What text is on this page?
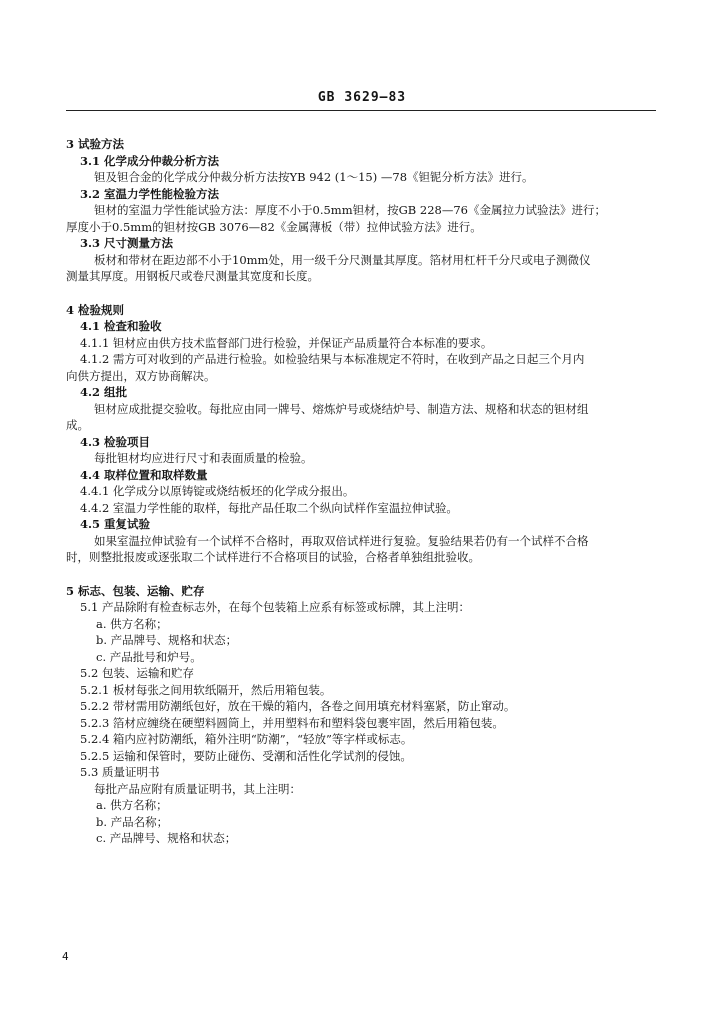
GB 3629—83
3 试验方法
3.1 化学成分仲裁分析方法
钽及钽合金的化学成分仲裁分析方法按YB 942 (1～15) —78《钽铌分析方法》进行。
3.2 室温力学性能检验方法
钽材的室温力学性能试验方法：厚度不小于0.5mm钽材，按GB 228—76《金属拉力试验法》进行；
厚度小于0.5mm的钽材按GB 3076—82《金属薄板（带）拉伸试验方法》进行。
3.3 尺寸测量方法
板材和带材在距边部不小于10mm处，用一级千分尺测量其厚度。箔材用杠杆千分尺或电子测微仪
测量其厚度。用钢板尺或卷尺测量其宽度和长度。
4 检验规则
4.1 检查和验收
4.1.1 钽材应由供方技术监督部门进行检验，并保证产品质量符合本标准的要求。
4.1.2 需方可对收到的产品进行检验。如检验结果与本标准规定不符时，在收到产品之日起三个月内
向供方提出，双方协商解决。
4.2 组批
钽材应成批提交验收。每批应由同一牌号、熔炼炉号或烧结炉号、制造方法、规格和状态的钽材组
成。
4.3 检验项目
每批钽材均应进行尺寸和表面质量的检验。
4.4 取样位置和取样数量
4.4.1 化学成分以原铸锭或烧结板坯的化学成分报出。
4.4.2 室温力学性能的取样，每批产品任取二个纵向试样作室温拉伸试验。
4.5 重复试验
如果室温拉伸试验有一个试样不合格时，再取双倍试样进行复验。复验结果若仍有一个试样不合格
时，则整批报废或逐张取二个试样进行不合格项目的试验，合格者单独组批验收。
5 标志、包装、运输、贮存
5.1 产品除附有检查标志外，在每个包装箱上应系有标签或标牌，其上注明：
a. 供方名称；
b. 产品牌号、规格和状态；
c. 产品批号和炉号。
5.2 包装、运输和贮存
5.2.1 板材每张之间用软纸隔开，然后用箱包装。
5.2.2 带材需用防潮纸包好，放在干燥的箱内，各卷之间用填充材料塞紧，防止窜动。
5.2.3 箔材应缠绕在硬塑料圆筒上，并用塑料布和塑料袋包裹牢固，然后用箱包装。
5.2.4 箱内应衬防潮纸，箱外注明“防潮”，“轻放”等字样或标志。
5.2.5 运输和保管时，要防止碰伤、受潮和活性化学试剂的侵蚀。
5.3 质量证明书
每批产品应附有质量证明书，其上注明：
a. 供方名称；
b. 产品名称；
c. 产品牌号、规格和状态；
4
